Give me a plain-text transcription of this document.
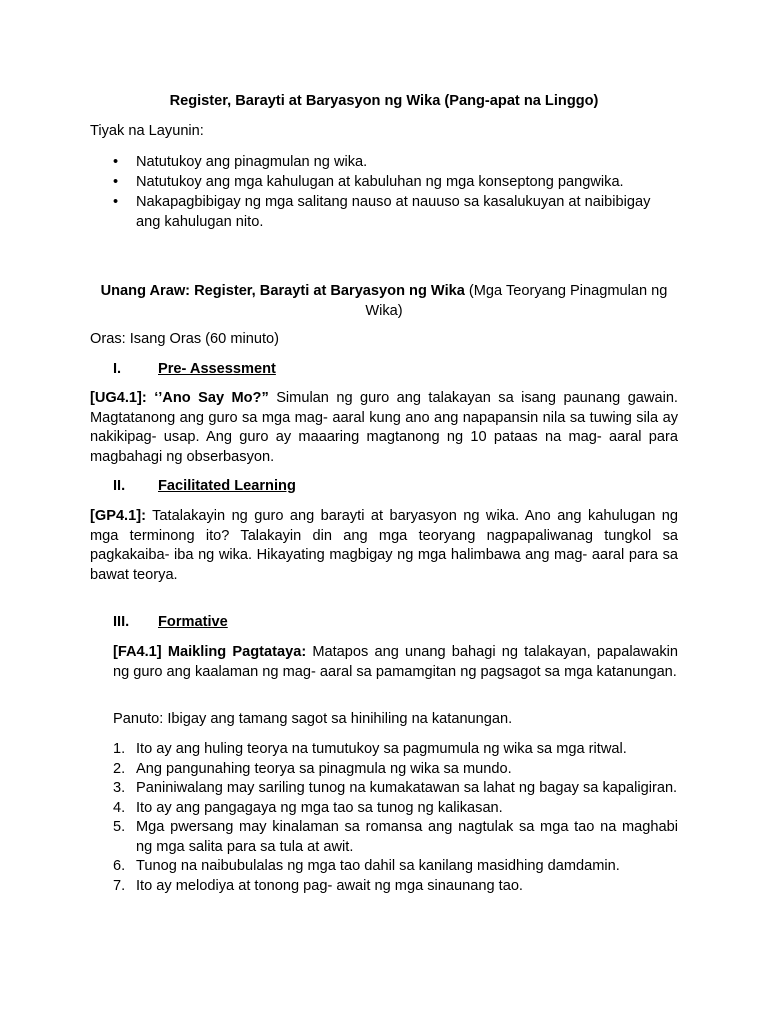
Register, Barayti at Baryasyon ng Wika (Pang-apat na Linggo)
Tiyak na Layunin:
• Natutukoy ang pinagmulan ng wika.
• Natutukoy ang mga kahulugan at kabuluhan ng mga konseptong pangwika.
• Nakapagbibigay ng mga salitang nauso at nauuso sa kasalukuyan at naibibigay ang kahulugan nito.
Unang Araw: Register, Barayti at Baryasyon ng Wika (Mga Teoryang Pinagmulan ng Wika)
Oras: Isang Oras (60 minuto)
I.	Pre- Assessment
[UG4.1]: ‘’Ano Say Mo?” Simulan ng guro ang talakayan sa isang paunang gawain. Magtatanong ang guro sa mga mag- aaral kung ano ang napapansin nila sa tuwing sila ay nakikipag- usap. Ang guro ay maaaring magtanong ng 10 pataas na mag- aaral para magbahagi ng obserbasyon.
II. Facilitated Learning
[GP4.1]: Tatalakayin ng guro ang barayti at baryasyon ng wika. Ano ang kahulugan ng mga terminong ito? Talakayin din ang mga teoryang nagpapaliwanag tungkol sa pagkakaiba- iba ng wika. Hikayating magbigay ng mga halimbawa ang mag- aaral para sa bawat teorya.
III. Formative
[FA4.1] Maikling Pagtataya: Matapos ang unang bahagi ng talakayan, papalawakin ng guro ang kaalaman ng mag- aaral sa pamamgitan ng pagsagot sa mga katanungan.
Panuto: Ibigay ang tamang sagot sa hinihiling na katanungan.
1. Ito ay ang huling teorya na tumutukoy sa pagmumula ng wika sa mga ritwal.
2. Ang pangunahing teorya sa pinagmula ng wika sa mundo.
3. Paniniwalang may sariling tunog na kumakatawan sa lahat ng bagay sa kapaligiran.
4. Ito ay ang pangagaya ng mga tao sa tunog ng kalikasan.
5. Mga pwersang may kinalaman sa romansa ang nagtulak sa mga tao na maghabi ng mga salita para sa tula at awit.
6. Tunog na naibubulalas ng mga tao dahil sa kanilang masidhing damdamin.
7. Ito ay melodiya at tonong pag- await ng mga sinaunang tao.
